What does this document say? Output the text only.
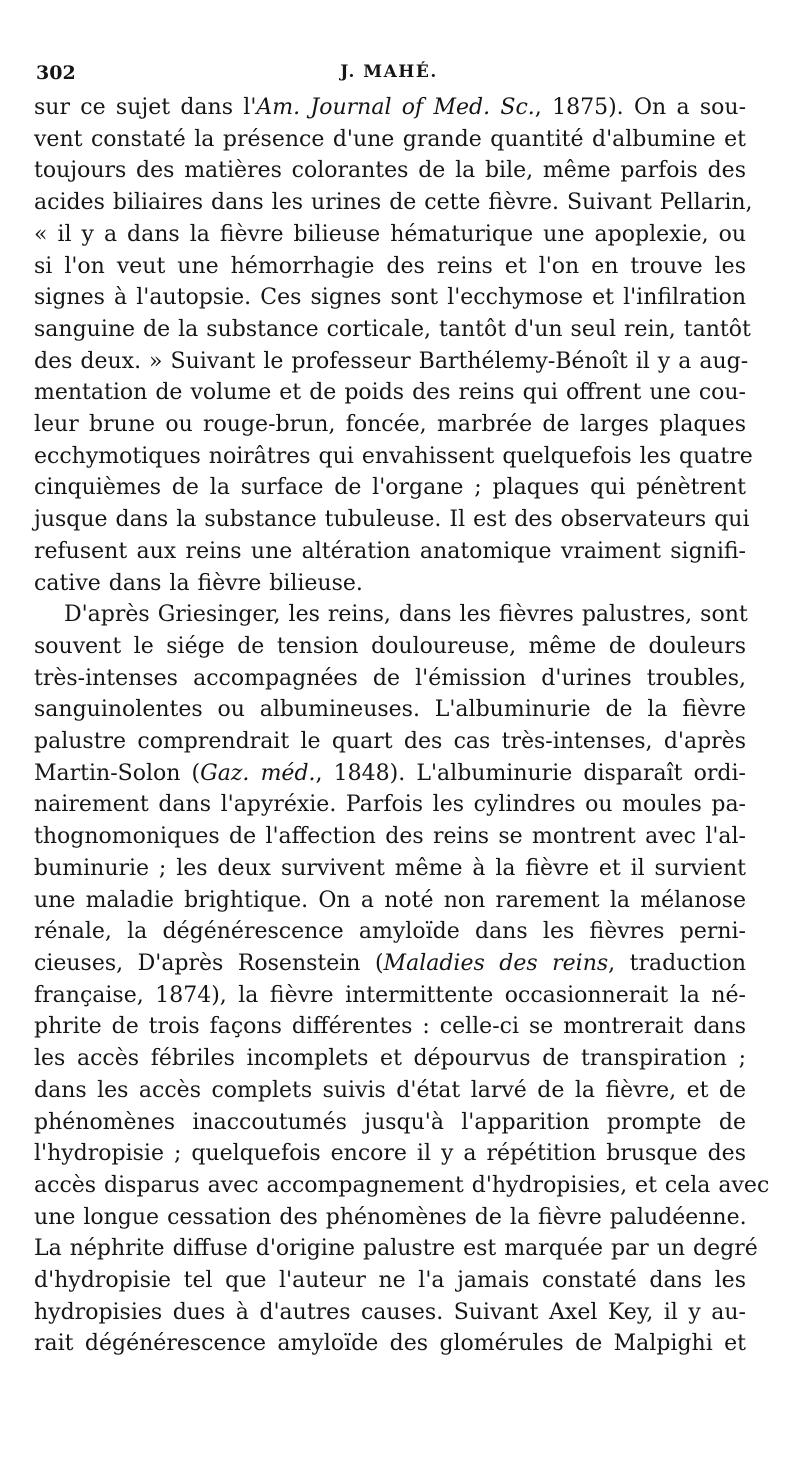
302	J. MAHÉ.
sur ce sujet dans l'Am. Journal of Med. Sc., 1875). On a sou-
vent constaté la présence d'une grande quantité d'albumine et
toujours des matières colorantes de la bile, même parfois des
acides biliaires dans les urines de cette fièvre. Suivant Pellarin,
« il y a dans la fièvre bilieuse hématurique une apoplexie, ou
si l'on veut une hémorrhagie des reins et l'on en trouve les
signes à l'autopsie. Ces signes sont l'ecchymose et l'infilration
sanguine de la substance corticale, tantôt d'un seul rein, tantôt
des deux. » Suivant le professeur Barthélemy-Bénoît il y a aug-
mentation de volume et de poids des reins qui offrent une cou-
leur brune ou rouge-brun, foncée, marbrée de larges plaques
ecchymotiques noirâtres qui envahissent quelquefois les quatre
cinquièmes de la surface de l'organe ; plaques qui pénètrent
jusque dans la substance tubuleuse. Il est des observateurs qui
refusent aux reins une altération anatomique vraiment signifi-
cative dans la fièvre bilieuse.
D'après Griesinger, les reins, dans les fièvres palustres, sont
souvent le siége de tension douloureuse, même de douleurs
très-intenses accompagnées de l'émission d'urines troubles,
sanguinolentes ou albumineuses. L'albuminurie de la fièvre
palustre comprendrait le quart des cas très-intenses, d'après
Martin-Solon (Gaz. méd., 1848). L'albuminurie disparaît ordi-
nairement dans l'apyréxie. Parfois les cylindres ou moules pa-
thognomoniques de l'affection des reins se montrent avec l'al-
buminurie ; les deux survivent même à la fièvre et il survient
une maladie brightique. On a noté non rarement la mélanose
rénale, la dégénérescence amyloïde dans les fièvres perni-
cieuses, D'après Rosenstein (Maladies des reins, traduction
française, 1874), la fièvre intermittente occasionnerait la né-
phrite de trois façons différentes : celle-ci se montrerait dans
les accès fébriles incomplets et dépourvus de transpiration ;
dans les accès complets suivis d'état larvé de la fièvre, et de
phénomènes inaccoutumés jusqu'à l'apparition prompte de
l'hydropisie ; quelquefois encore il y a répétition brusque des
accès disparus avec accompagnement d'hydropisies, et cela avec
une longue cessation des phénomènes de la fièvre paludéenne.
La néphrite diffuse d'origine palustre est marquée par un degré
d'hydropisie tel que l'auteur ne l'a jamais constaté dans les
hydropisies dues à d'autres causes. Suivant Axel Key, il y au-
rait dégénérescence amyloïde des glomérules de Malpighi et
